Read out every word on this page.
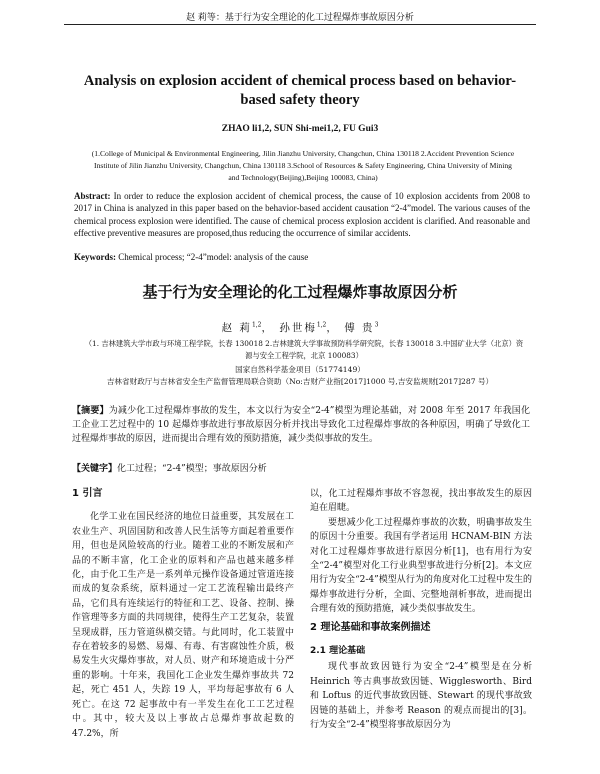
赵 莉等：基于行为安全理论的化工过程爆炸事故原因分析
Analysis on explosion accident of chemical process based on behavior-based safety theory
ZHAO li1,2, SUN Shi-mei1,2, FU Gui3
(1.College of Municipal & Environmental Engineering, Jilin Jianzhu University, Changchun, China 130118 2.Accident Prevention Science Institute of Jilin Jianzhu University, Changchun, China 130118 3.School of Resources & Safety Engineering, China University of Mining and Technology(Beijing),Beijing 100083, China)
Abstract: In order to reduce the explosion accident of chemical process, the cause of 10 explosion accidents from 2008 to 2017 in China is analyzed in this paper based on the behavior-based accident causation “2-4”model. The various causes of the chemical process explosion were identified. The cause of chemical process explosion accident is clarified. And reasonable and effective preventive measures are proposed,thus reducing the occurrence of similar accidents.
Keywords: Chemical process; “2-4”model: analysis of the cause
基于行为安全理论的化工过程爆炸事故原因分析
赵 莉$^{1,2}$， 孙世梅$^{1,2}$， 傅 贵$^3$
（1. 吉林建筑大学市政与环境工程学院，长春 130018 2.吉林建筑大学事故预防科学研究院，长春 130018 3.中国矿业大学（北京）资源与安全工程学院，北京 100083）
国家自然科学基金项目（51774149）
吉林省财政厅与吉林省安全生产监督管理局联合资助（No:吉财产业指[2017]1000 号,吉安监规财[2017]287 号）
【摘要】为减少化工过程爆炸事故的发生，本文以行为安全“2-4”模型为理论基础，对 2008 年至 2017 年我国化工企业工艺过程中的 10 起爆炸事故进行事故原因分析并找出导致化工过程爆炸事故的各种原因，明确了导致化工过程爆炸事故的原因，进而提出合理有效的预防措施，减少类似事故的发生。
【关键字】化工过程；“2-4”模型；事故原因分析
1 引言

化学工业在国民经济的地位日益重要，其发展在工农业生产、巩固国防和改善人民生活等方面起着重要作用，但也是风险较高的行业。随着工业的不断发展和产品的不断丰富，化工企业的原料和产品也越来越多样化，由于化工生产是一系列单元操作设备通过管道连接而成的复杂系统，原料通过一定工艺流程输出最终产品，它们具有连续运行的特征和工艺、设备、控制、操作管理等多方面的共同规律，使得生产工艺复杂，装置呈现成群，压力管道纵横交错。与此同时，化工装置中存在着较多的易燃、易爆、有毒、有害腐蚀性介质，极易发生火灾爆炸事故，对人员、财产和环境造成十分严重的影响。十年来，我国化工企业发生爆炸事故共 72 起，死亡 451 人，失踪 19 人，平均每起事故有 6 人死亡。在这 72 起事故中有一半发生在化工工艺过程中。其中，较大及以上事故占总爆炸事故起数的 47.2%，所

以，化工过程爆炸事故不容忽视，找出事故发生的原因迫在眉睫。

要想减少化工过程爆炸事故的次数，明确事故发生的原因十分重要。我国有学者运用 HCNAM-BIN 方法对化工过程爆炸事故进行原因分析[1]，也有用行为安全“2-4”模型对化工行业典型事故进行分析[2]。本文应用行为安全“2-4”模型从行为的角度对化工过程中发生的爆炸事故进行分析，全面、完整地剖析事故，进而提出合理有效的预防措施，减少类似事故发生。

2 理论基础和事故案例描述
2.1 理论基础

现代事故致因链行为安全“2-4”模型是在分析 Heinrich 等古典事故致因链、Wigglesworth、Bird 和 Loftus 的近代事故致因链、Stewart 的现代事故致因链的基础上，并参考 Reason 的观点而提出的[3]。行为安全“2-4”模型将事故原因分为
